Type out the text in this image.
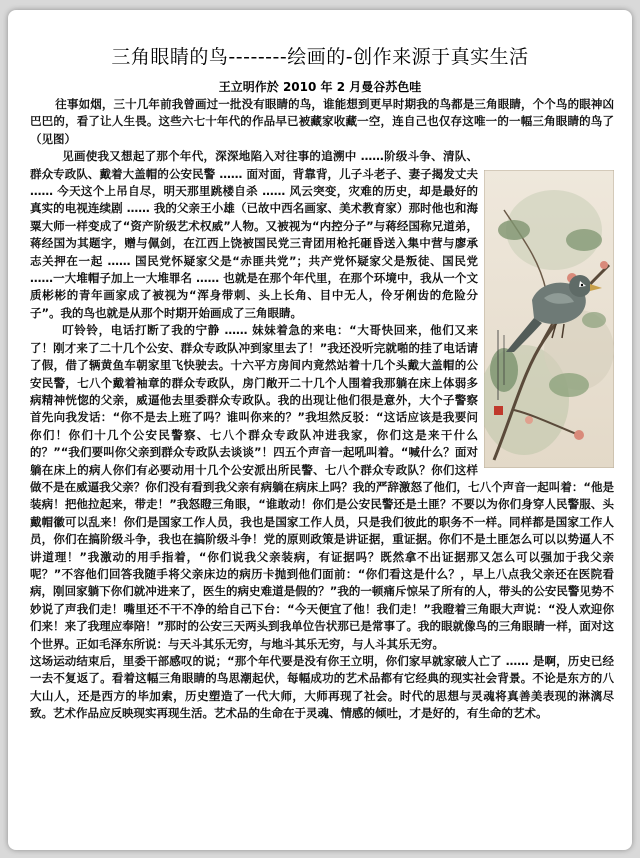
三角眼睛的鸟--------绘画的-创作来源于真实生活
王立明作於 2010 年 2 月曼谷苏色哇

往事如烟，三十几年前我曾画过一批没有眼睛的鸟，谁能想到更早时期我的鸟都是三角眼睛，个个鸟的眼神凶巴巴的，看了让人生畏。这些六七十年代的作品早已被藏家收藏一空，连自己也仅存这唯一的一幅三角眼睛的鸟了（见图）

见画使我又想起了那个年代，深深地陷入对往事的追溯中 ……阶级斗争、清队、群众专政队、戴着大盖帽的公安民警 …… 面对面，背靠背，儿子斗老子、妻子揭发丈夫 …… 今天这个上吊自尽，明天那里跳楼自杀 …… 风云突变，灾难的历史，却是最好的真实的电视连续剧 …… 我的父亲王小雄（已故中西名画家、美术教育家）那时他也和海粟大师一样变成了“资产阶级艺术权威”人物。又被视为“内控分子”与蒋经国称兄道弟，蒋经国为其题字，赠与佩剑，在江西上饶被国民党三青团用枪托砸昏送入集中营与廖承志关押在一起 …… 国民党怀疑家父是“赤匪共党”；共产党怀疑家父是叛徒、国民党 ……一大堆帽子加上一大堆罪名 …… 也就是在那个年代里，在那个环境中，我从一个文质彬彬的青年画家成了被视为“浑身带刺、头上长角、目中无人，伶牙俐齿的危险分子”。我的鸟也就是从那个时期开始画成了三角眼睛。

叮铃铃，电话打断了我的宁静 …… 妹妹着急的来电：“大哥快回来，他们又来了！刚才来了二十几个公安、群众专政队冲到家里去了！”我还没听完就啪的挂了电话请了假，借了辆黄鱼车朝家里飞快驶去。十六平方房间内竟然站着十几个头戴大盖帽的公安民警，七八个戴着袖章的群众专政队，房门敞开二十几个人围着我那躺在床上体弱多病精神恍惚的父亲，威逼他去里委群众专政队。我的出现让他们很是意外，大个子警察首先向我发话：“你不是去上班了吗？谁叫你来的？”我坦然反驳：“这话应该是我要问你们！你们十几个公安民警察、七八个群众专政队冲进我家，你们这是来干什么的？”“我们要叫你父亲到群众专政队去谈谈”！四五个声音一起吼叫着。“喊什么？面对躺在床上的病人你们有必要动用十几个公安派出所民警、七八个群众专政队？你们这样做不是在威逼我父亲？你们没有看到我父亲有病躺在病床上吗？我的严辞激怒了他们，七八个声音一起叫着：“他是装病！把他拉起来，带走！”我怒瞪三角眼，“谁敢动！你们是公安民警还是土匪？不要以为你们身穿人民警服、头戴帽徽可以乱来！你们是国家工作人员，我也是国家工作人员，只是我们彼此的职务不一样。同样都是国家工作人员，你们在搞阶级斗争，我也在搞阶级斗争！党的原则政策是讲证据，重证据。你们不是土匪怎么可以以势逼人不讲道理！”我激动的用手指着，“你们说我父亲装病，有证据吗？既然拿不出证据那又怎么可以强加于我父亲呢？”不容他们回答我随手将父亲床边的病历卡抛到他们面前：“你们看这是什么？，早上八点我父亲还在医院看病，刚回家躺下你们就冲进来了，医生的病史难道是假的？”我的一顿痛斥惊呆了所有的人，带头的公安民警见势不妙说了声我们走！嘴里还不干不净的给自己下台：“今天便宜了他！我们走！”我瞪着三角眼大声说：“没人欢迎你们来！来了我理应奉陪！”那时的公安三天两头到我单位告状那已是常事了。我的眼就像鸟的三角眼睛一样，面对这个世界。正如毛泽东所说：与天斗其乐无穷，与地斗其乐无穷，与人斗其乐无穷。

这场运动结束后，里委干部感叹的说；“那个年代要是没有你王立明，你们家早就家破人亡了 …… 是啊，历史已经一去不复返了。看着这幅三角眼睛的鸟思潮起伏，每幅成功的艺术品都有它经典的现实社会背景。不论是东方的八大山人，还是西方的毕加索，历史塑造了一代大师，大师再现了社会。时代的思想与灵魂将真善美表现的淋漓尽致。艺术作品应反映现实再现生活。艺术品的生命在于灵魂、情感的倾吐，才是好的，有生命的艺术。
